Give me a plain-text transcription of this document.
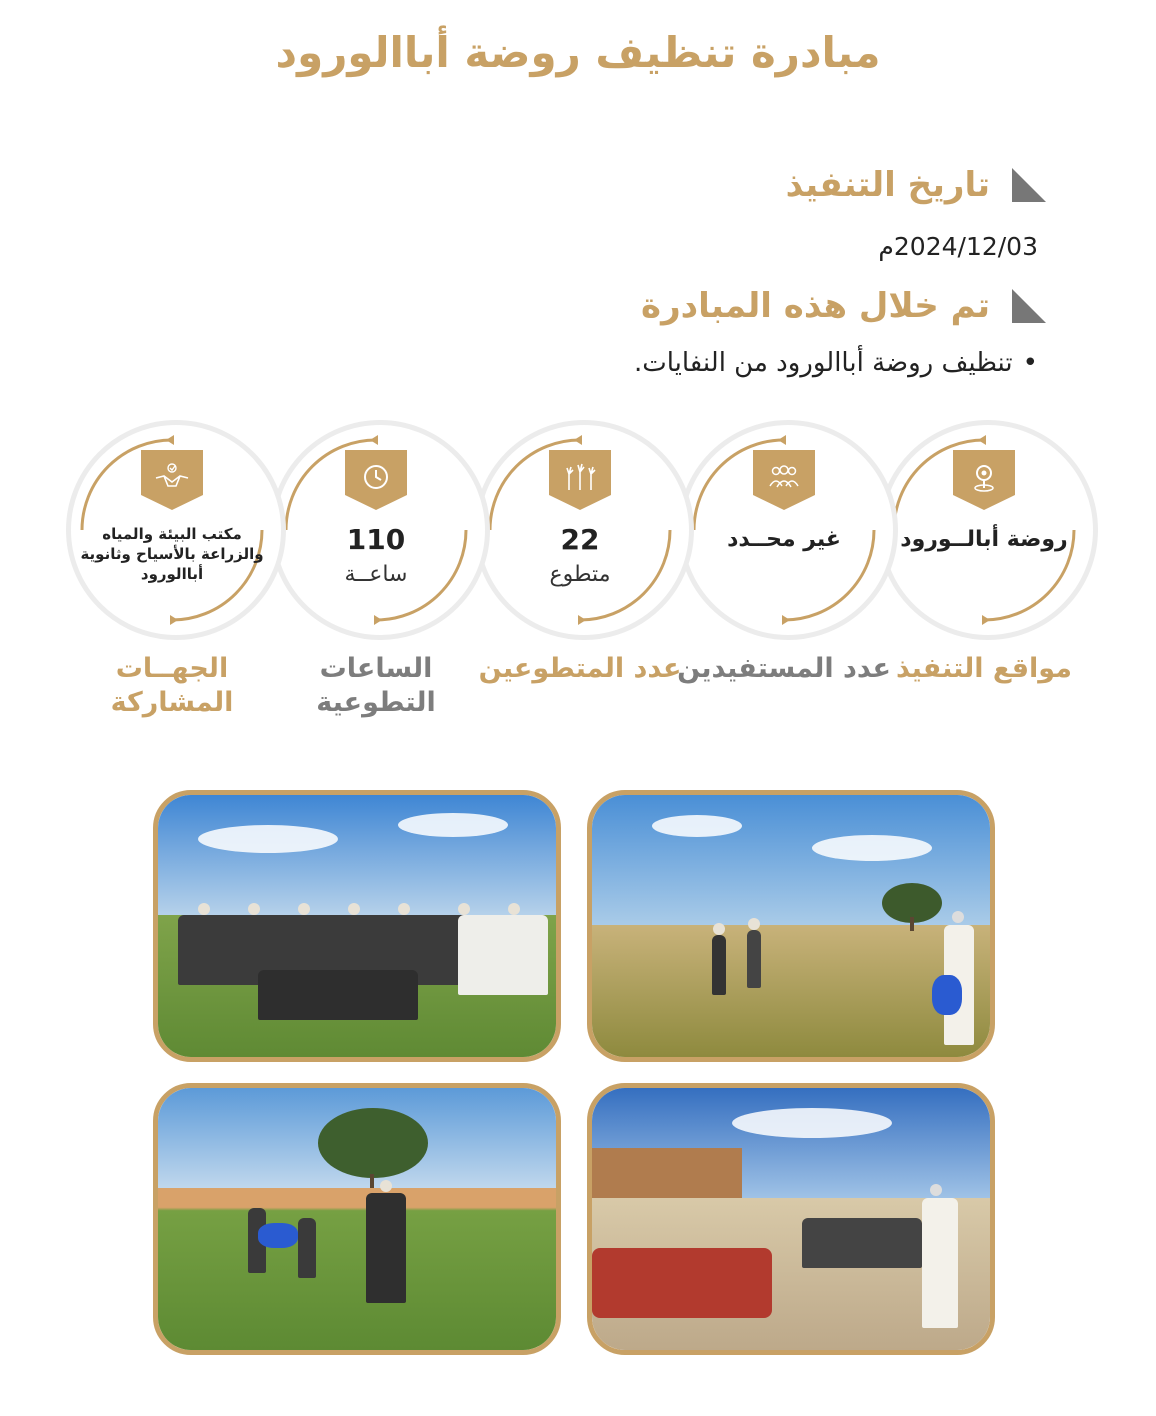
مبادرة تنظيف روضة أباالورود
تاريخ التنفيذ
2024/12/03م
تم خلال هذه المبادرة
•
تنظيف روضة أباالورود من النفايات.
روضة أبالــورود
مواقع التنفيذ
غير محــدد
عدد المستفيدين
22
متطوع
عدد المتطوعين
110
ساعــة
الساعات التطوعية
مكتب البيئة والمياه والزراعة بالأسياح وثانوية أباالورود
الجهــات المشاركة
